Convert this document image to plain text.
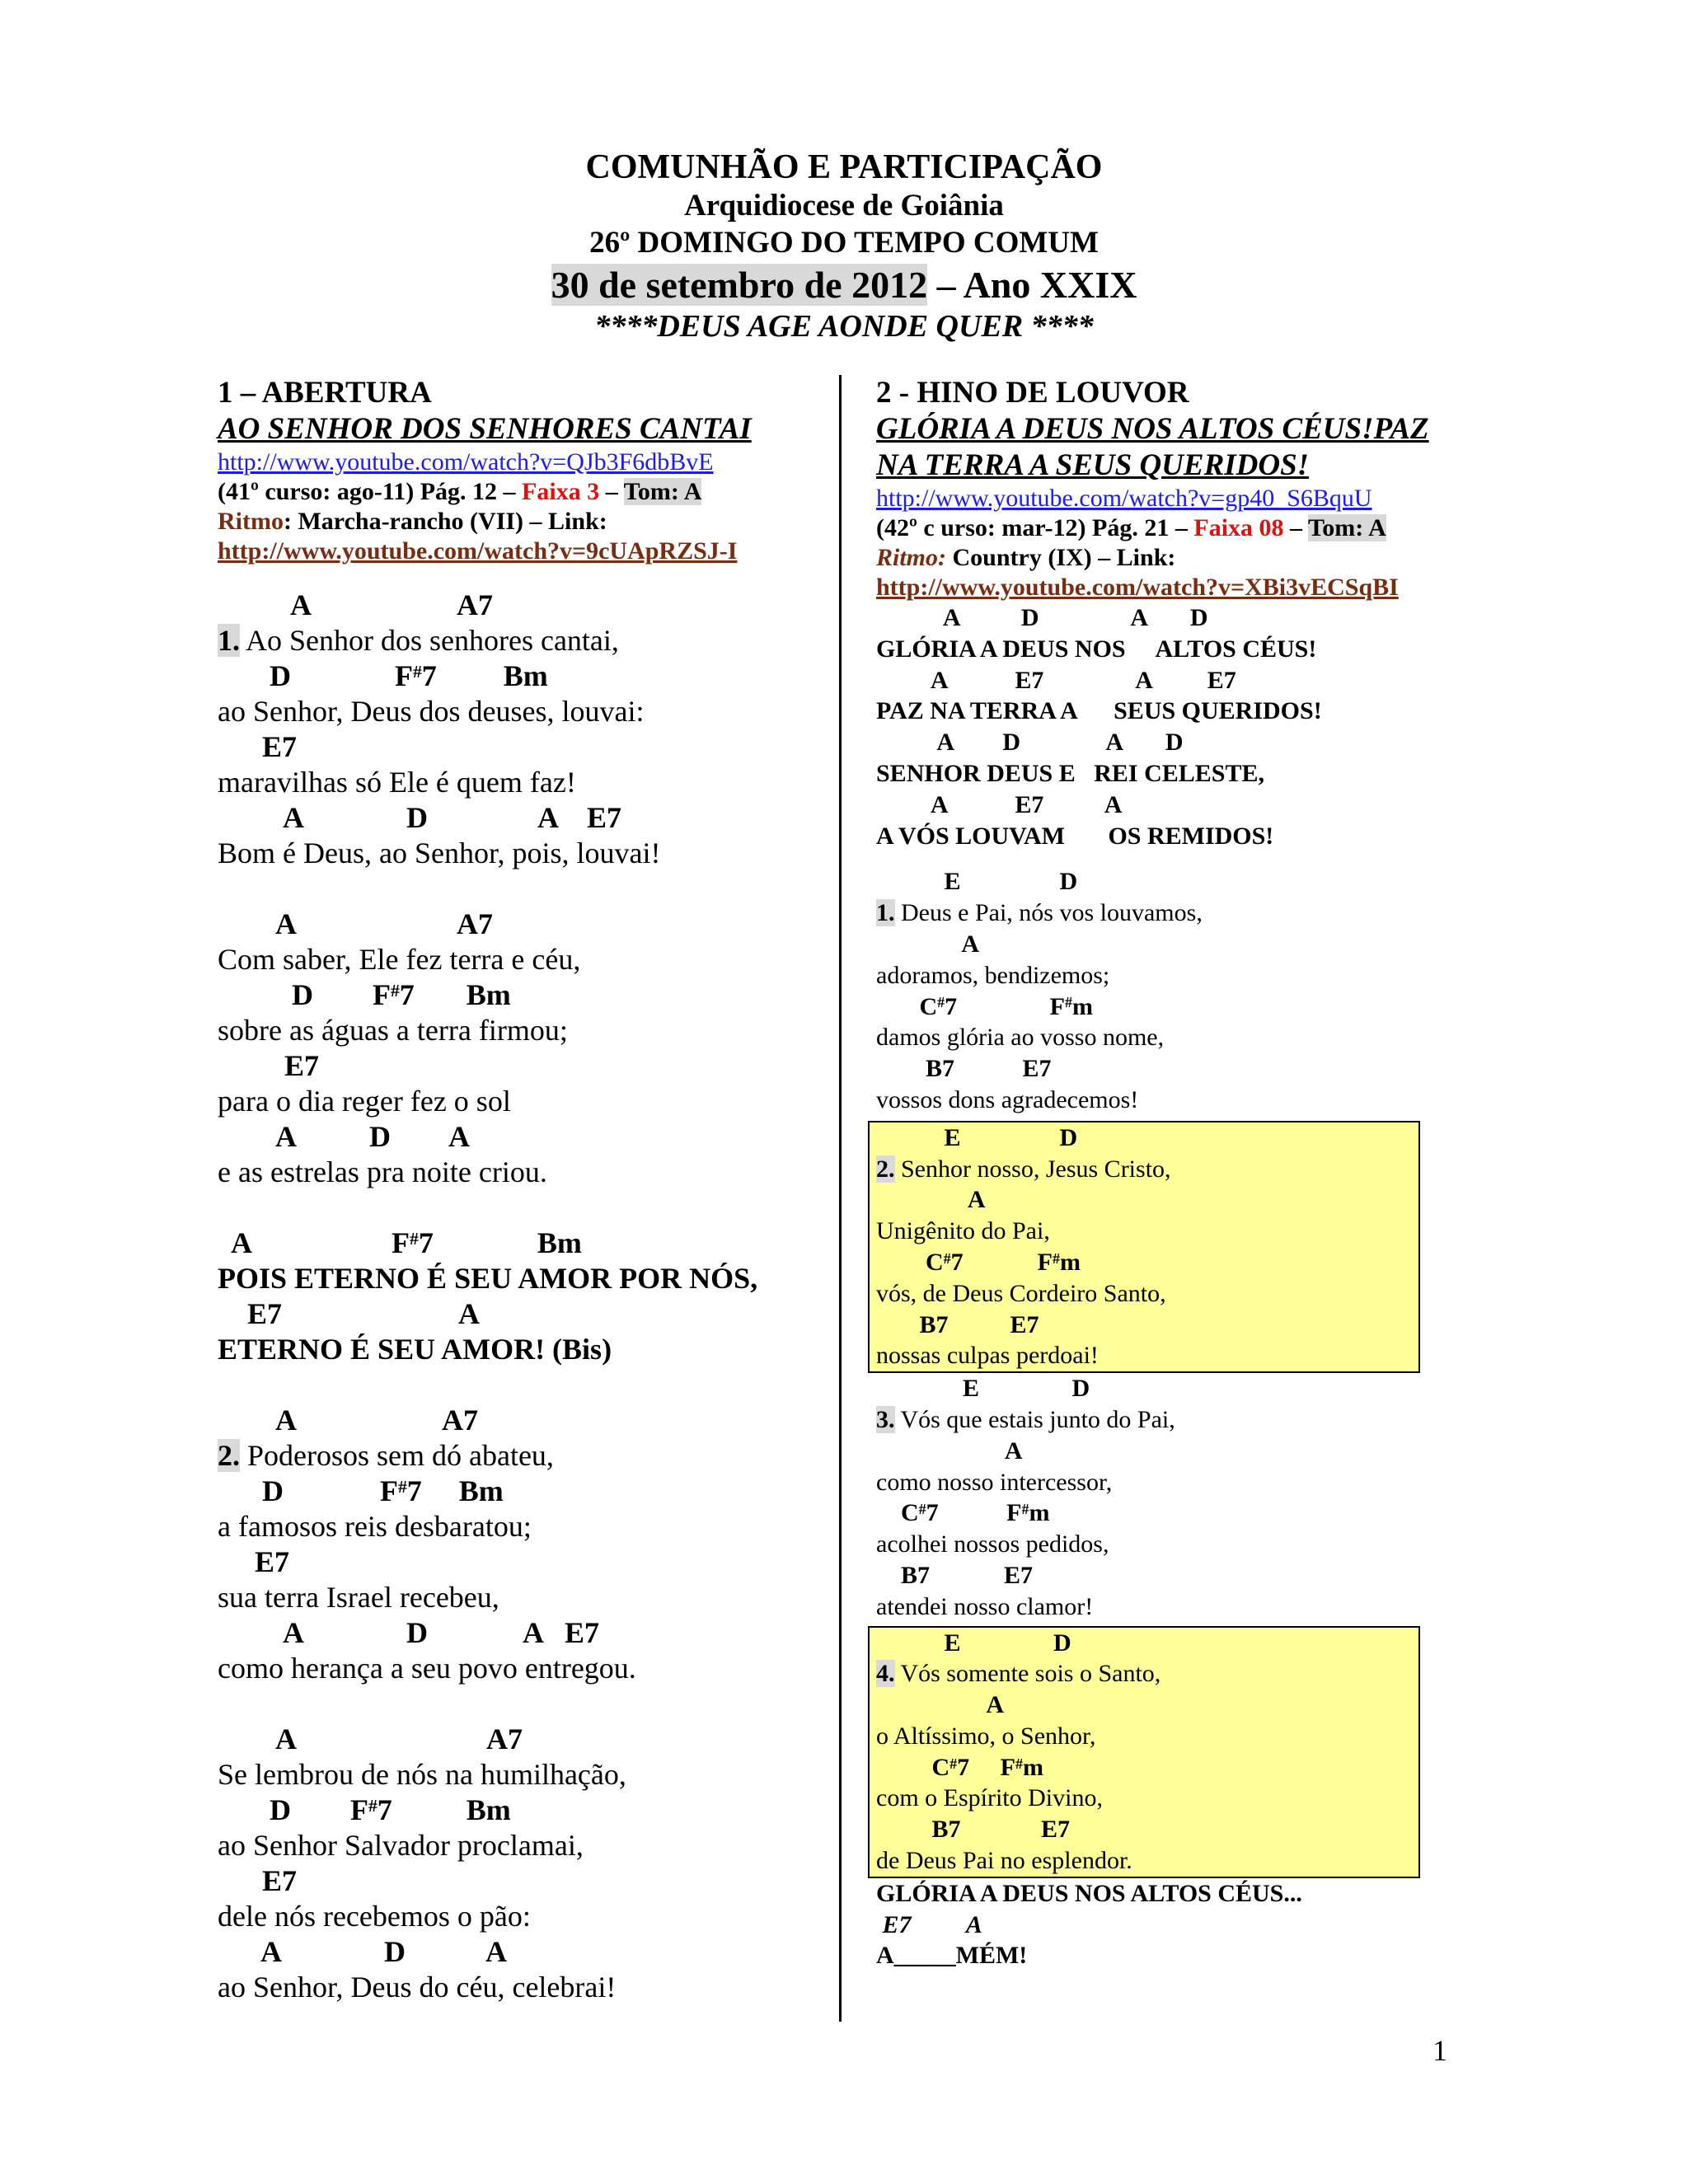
COMUNHÃO E PARTICIPAÇÃO
Arquidiocese de Goiânia
26º DOMINGO DO TEMPO COMUM
30 de setembro de 2012 – Ano XXIX
****DEUS AGE AONDE QUER ****
1 – ABERTURA
AO SENHOR DOS SENHORES CANTAI
http://www.youtube.com/watch?v=QJb3F6dbBvE
(41º curso: ago-11) Pág. 12 – Faixa 3 – Tom: A
Ritmo: Marcha-rancho (VII) – Link:
http://www.youtube.com/watch?v=9cUApRZSJ-I
A                    A7
1. Ao Senhor dos senhores cantai,
D              F#7         Bm
ao Senhor, Deus dos deuses, louvai:
E7
maravilhas só Ele é quem faz!
A              D               A    E7
Bom é Deus, ao Senhor, pois, louvai!
A                      A7
Com saber, Ele fez terra e céu,
D        F#7       Bm
sobre as águas a terra firmou;
E7
para o dia reger fez o sol
A          D        A
e as estrelas pra noite criou.
A                   F#7              Bm
POIS ETERNO É SEU AMOR POR NÓS,
E7                        A
ETERNO É SEU AMOR! (Bis)
A                    A7
2. Poderosos sem dó abateu,
D             F#7     Bm
a famosos reis desbaratou;
E7
sua terra Israel recebeu,
A              D             A   E7
como herança a seu povo entregou.
A                          A7
Se lembrou de nós na humilhação,
D        F#7          Bm
ao Senhor Salvador proclamai,
E7
dele nós recebemos o pão:
A              D           A
ao Senhor, Deus do céu, celebrai!
2 - HINO DE LOUVOR
GLÓRIA A DEUS NOS ALTOS CÉUS!PAZ
NA TERRA A SEUS QUERIDOS!
http://www.youtube.com/watch?v=gp40_S6BquU
(42º c urso: mar-12) Pág. 21 – Faixa 08 – Tom: A
Ritmo: Country (IX) – Link:
http://www.youtube.com/watch?v=XBi3vECSqBI
A          D               A       D
GLÓRIA A DEUS NOS     ALTOS CÉUS!
A           E7               A         E7
PAZ NA TERRA A      SEUS QUERIDOS!
A        D              A       D
SENHOR DEUS E   REI CELESTE,
A           E7          A
A VÓS LOUVAM       OS REMIDOS!
E                D
1. Deus e Pai, nós vos louvamos,
A
adoramos, bendizemos;
C#7               F#m
damos glória ao vosso nome,
B7           E7
vossos dons agradecemos!
E                D
2. Senhor nosso, Jesus Cristo,
A
Unigênito do Pai,
C#7            F#m
vós, de Deus Cordeiro Santo,
B7          E7
nossas culpas perdoai!
E               D
3. Vós que estais junto do Pai,
A
como nosso intercessor,
C#7           F#m
acolhei nossos pedidos,
B7            E7
atendei nosso clamor!
E               D
4. Vós somente sois o Santo,
A
o Altíssimo, o Senhor,
C#7     F#m
com o Espírito Divino,
B7             E7
de Deus Pai no esplendor.
GLÓRIA A DEUS NOS ALTOS CÉUS...
E7         A
A_____MÉM!
1
